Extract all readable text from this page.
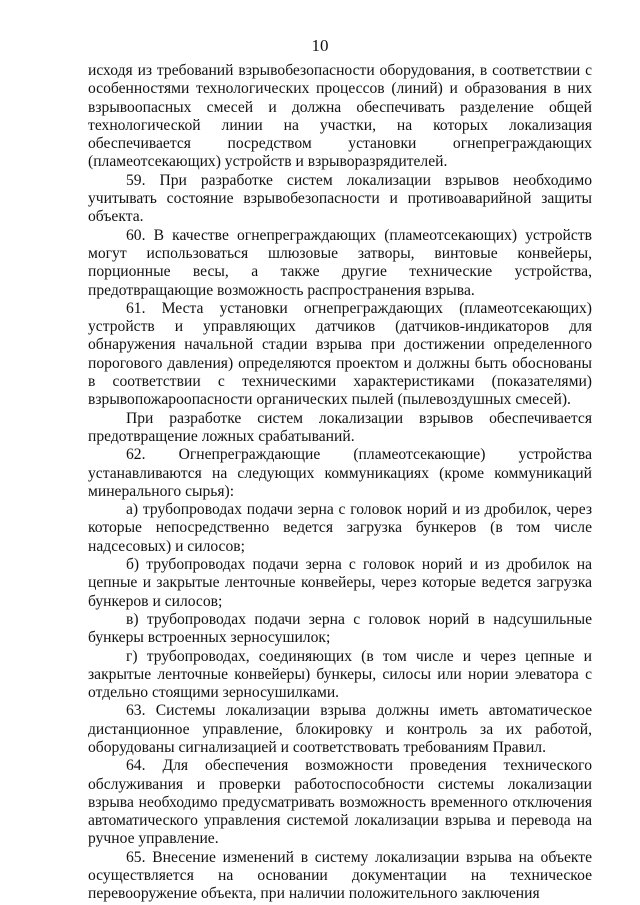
10

исходя из требований взрывобезопасности оборудования, в соответствии с особенностями технологических процессов (линий) и образования в них взрывоопасных смесей и должна обеспечивать разделение общей технологической линии на участки, на которых локализация обеспечивается посредством установки огнепреграждающих (пламеотсекающих) устройств и взрыворазрядителей.

59. При разработке систем локализации взрывов необходимо учитывать состояние взрывобезопасности и противоаварийной защиты объекта.

60. В качестве огнепреграждающих (пламеотсекающих) устройств могут использоваться шлюзовые затворы, винтовые конвейеры, порционные весы, а также другие технические устройства, предотвращающие возможность распространения взрыва.

61. Места установки огнепреграждающих (пламеотсекающих) устройств и управляющих датчиков (датчиков-индикаторов для обнаружения начальной стадии взрыва при достижении определенного порогового давления) определяются проектом и должны быть обоснованы в соответствии с техническими характеристиками (показателями) взрывопожароопасности органических пылей (пылевоздушных смесей).

При разработке систем локализации взрывов обеспечивается предотвращение ложных срабатываний.

62. Огнепреграждающие (пламеотсекающие) устройства устанавливаются на следующих коммуникациях (кроме коммуникаций минерального сырья):

а) трубопроводах подачи зерна с головок норий и из дробилок, через которые непосредственно ведется загрузка бункеров (в том числе надсесовых) и силосов;

б) трубопроводах подачи зерна с головок норий и из дробилок на цепные и закрытые ленточные конвейеры, через которые ведется загрузка бункеров и силосов;

в) трубопроводах подачи зерна с головок норий в надсушильные бункеры встроенных зерносушилок;

г) трубопроводах, соединяющих (в том числе и через цепные и закрытые ленточные конвейеры) бункеры, силосы или нории элеватора с отдельно стоящими зерносушилками.

63. Системы локализации взрыва должны иметь автоматическое дистанционное управление, блокировку и контроль за их работой, оборудованы сигнализацией и соответствовать требованиям Правил.

64. Для обеспечения возможности проведения технического обслуживания и проверки работоспособности системы локализации взрыва необходимо предусматривать возможность временного отключения автоматического управления системой локализации взрыва и перевода на ручное управление.

65. Внесение изменений в систему локализации взрыва на объекте осуществляется на основании документации на техническое перевооружение объекта, при наличии положительного заключения
